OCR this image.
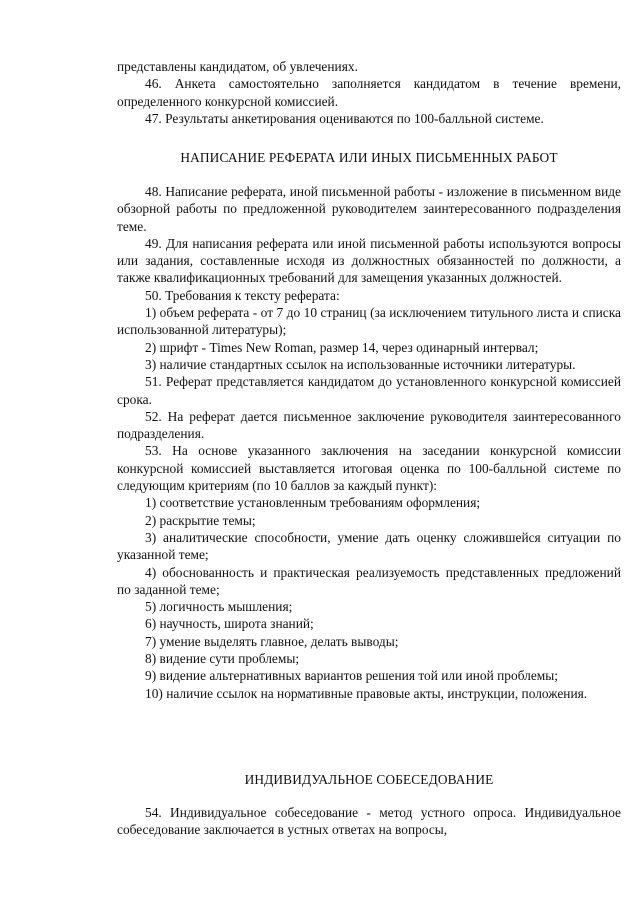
представлены кандидатом, об увлечениях.

46. Анкета самостоятельно заполняется кандидатом в течение времени, определенного конкурсной комиссией.

47. Результаты анкетирования оцениваются по 100-балльной системе.

НАПИСАНИЕ РЕФЕРАТА ИЛИ ИНЫХ ПИСЬМЕННЫХ РАБОТ

48. Написание реферата, иной письменной работы - изложение в письменном виде обзорной работы по предложенной руководителем заинтересованного подразделения теме.

49. Для написания реферата или иной письменной работы используются вопросы или задания, составленные исходя из должностных обязанностей по должности, а также квалификационных требований для замещения указанных должностей.

50. Требования к тексту реферата:

1) объем реферата - от 7 до 10 страниц (за исключением титульного листа и списка использованной литературы);

2) шрифт - Times New Roman, размер 14, через одинарный интервал;

3) наличие стандартных ссылок на использованные источники литературы.

51. Реферат представляется кандидатом до установленного конкурсной комиссией срока.

52. На реферат дается письменное заключение руководителя заинтересованного подразделения.

53. На основе указанного заключения на заседании конкурсной комиссии конкурсной комиссией выставляется итоговая оценка по 100-балльной системе по следующим критериям (по 10 баллов за каждый пункт):

1) соответствие установленным требованиям оформления;

2) раскрытие темы;

3) аналитические способности, умение дать оценку сложившейся ситуации по указанной теме;

4) обоснованность и практическая реализуемость представленных предложений по заданной теме;

5) логичность мышления;

6) научность, широта знаний;

7) умение выделять главное, делать выводы;

8) видение сути проблемы;

9) видение альтернативных вариантов решения той или иной проблемы;

10) наличие ссылок на нормативные правовые акты, инструкции, положения.

ИНДИВИДУАЛЬНОЕ СОБЕСЕДОВАНИЕ

54. Индивидуальное собеседование - метод устного опроса. Индивидуальное собеседование заключается в устных ответах на вопросы,
